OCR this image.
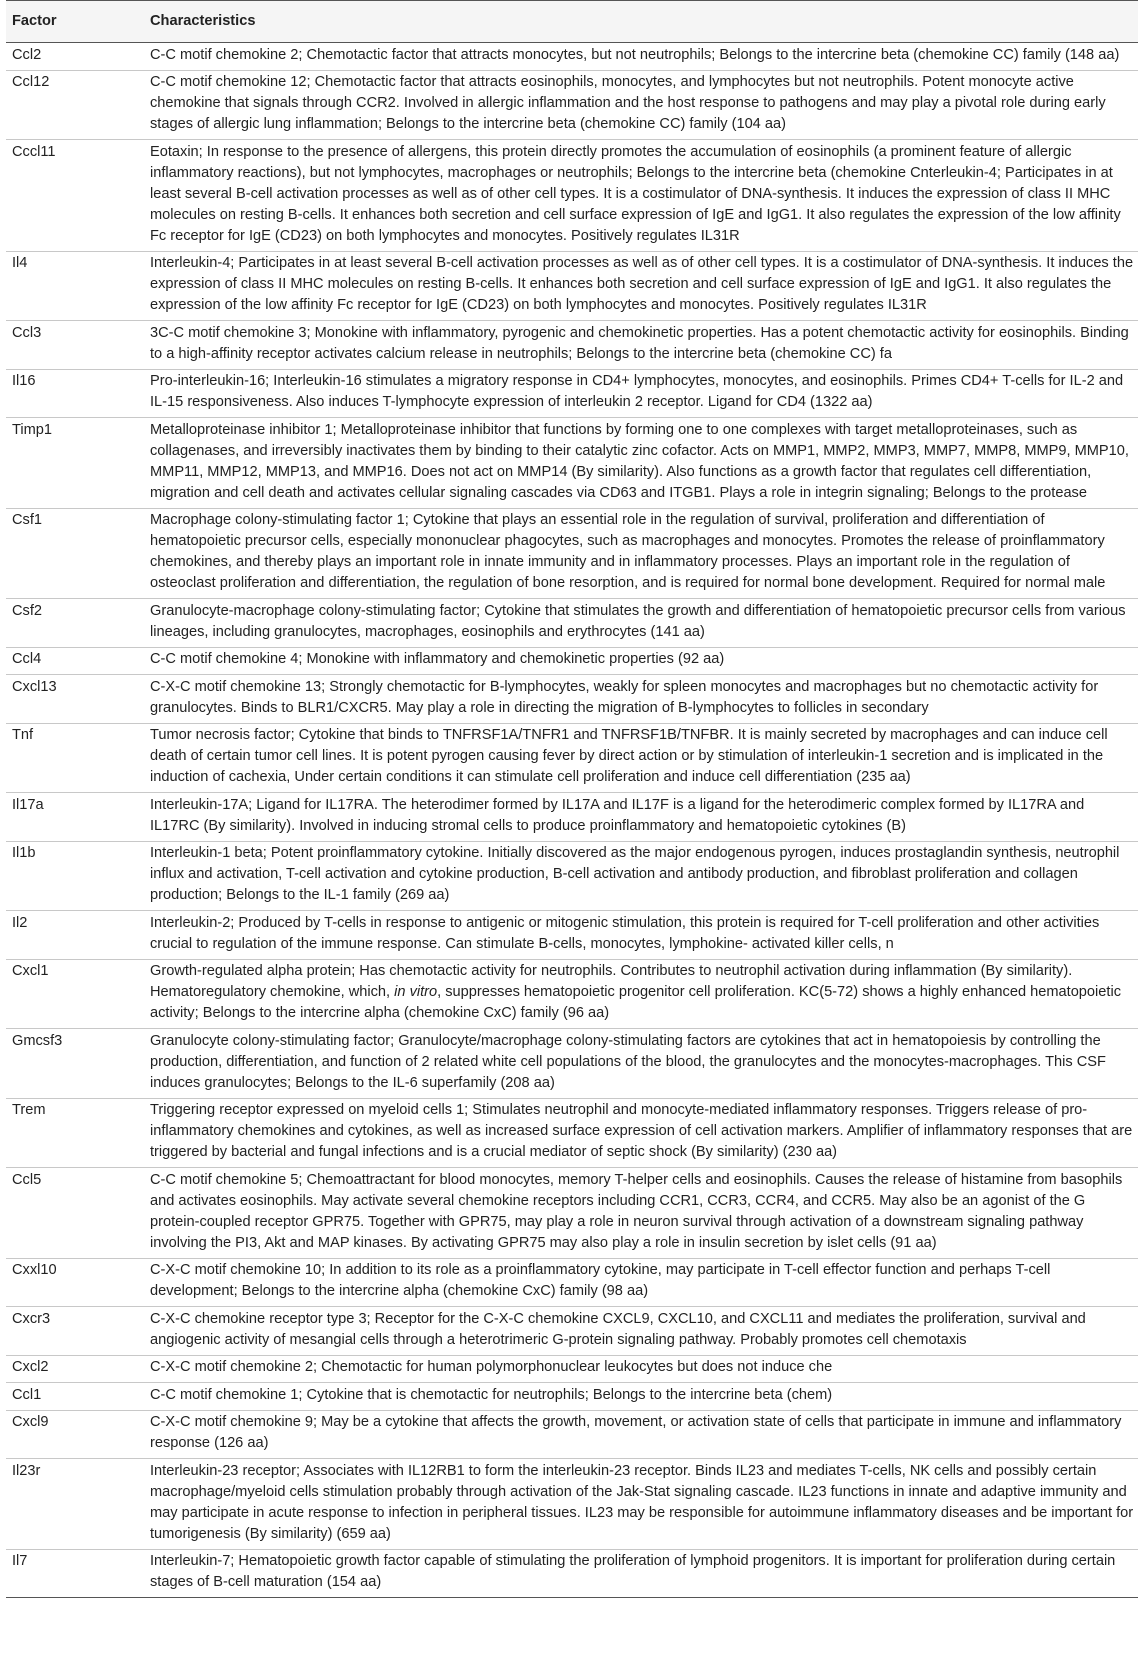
Factor	Characteristics
Ccl2	C-C motif chemokine 2; Chemotactic factor that attracts monocytes, but not neutrophils; Belongs to the intercrine beta (chemokine CC) family (148 aa)
Ccl12	C-C motif chemokine 12; Chemotactic factor that attracts eosinophils, monocytes, and lymphocytes but not neutrophils. Potent monocyte active chemokine that signals through CCR2. Involved in allergic inflammation and the host response to pathogens and may play a pivotal role during early stages of allergic lung inflammation; Belongs to the intercrine beta (chemokine CC) family (104 aa)
Cccl11	Eotaxin; In response to the presence of allergens, this protein directly promotes the accumulation of eosinophils (a prominent feature of allergic inflammatory reactions), but not lymphocytes, macrophages or neutrophils; Belongs to the intercrine beta (chemokine Cnterleukin-4; Participates in at least several B-cell activation processes as well as of other cell types. It is a costimulator of DNA-synthesis. It induces the expression of class II MHC molecules on resting B-cells. It enhances both secretion and cell surface expression of IgE and IgG1. It also regulates the expression of the low affinity Fc receptor for IgE (CD23) on both lymphocytes and monocytes. Positively regulates IL31R
Il4	Interleukin-4; Participates in at least several B-cell activation processes as well as of other cell types. It is a costimulator of DNA-synthesis. It induces the expression of class II MHC molecules on resting B-cells. It enhances both secretion and cell surface expression of IgE and IgG1. It also regulates the expression of the low affinity Fc receptor for IgE (CD23) on both lymphocytes and monocytes. Positively regulates IL31R
Ccl3	3C-C motif chemokine 3; Monokine with inflammatory, pyrogenic and chemokinetic properties. Has a potent chemotactic activity for eosinophils. Binding to a high-affinity receptor activates calcium release in neutrophils; Belongs to the intercrine beta (chemokine CC) fa
Il16	Pro-interleukin-16; Interleukin-16 stimulates a migratory response in CD4+ lymphocytes, monocytes, and eosinophils. Primes CD4+ T-cells for IL-2 and IL-15 responsiveness. Also induces T-lymphocyte expression of interleukin 2 receptor. Ligand for CD4 (1322 aa)
Timp1	Metalloproteinase inhibitor 1; Metalloproteinase inhibitor that functions by forming one to one complexes with target metalloproteinases, such as collagenases, and irreversibly inactivates them by binding to their catalytic zinc cofactor. Acts on MMP1, MMP2, MMP3, MMP7, MMP8, MMP9, MMP10, MMP11, MMP12, MMP13, and MMP16. Does not act on MMP14 (By similarity). Also functions as a growth factor that regulates cell differentiation, migration and cell death and activates cellular signaling cascades via CD63 and ITGB1. Plays a role in integrin signaling; Belongs to the protease
Csf1	Macrophage colony-stimulating factor 1; Cytokine that plays an essential role in the regulation of survival, proliferation and differentiation of hematopoietic precursor cells, especially mononuclear phagocytes, such as macrophages and monocytes. Promotes the release of proinflammatory chemokines, and thereby plays an important role in innate immunity and in inflammatory processes. Plays an important role in the regulation of osteoclast proliferation and differentiation, the regulation of bone resorption, and is required for normal bone development. Required for normal male
Csf2	Granulocyte-macrophage colony-stimulating factor; Cytokine that stimulates the growth and differentiation of hematopoietic precursor cells from various lineages, including granulocytes, macrophages, eosinophils and erythrocytes (141 aa)
Ccl4	C-C motif chemokine 4; Monokine with inflammatory and chemokinetic properties (92 aa)
Cxcl13	C-X-C motif chemokine 13; Strongly chemotactic for B-lymphocytes, weakly for spleen monocytes and macrophages but no chemotactic activity for granulocytes. Binds to BLR1/CXCR5. May play a role in directing the migration of B-lymphocytes to follicles in secondary
Tnf	Tumor necrosis factor; Cytokine that binds to TNFRSF1A/TNFR1 and TNFRSF1B/TNFBR. It is mainly secreted by macrophages and can induce cell death of certain tumor cell lines. It is potent pyrogen causing fever by direct action or by stimulation of interleukin-1 secretion and is implicated in the induction of cachexia, Under certain conditions it can stimulate cell proliferation and induce cell differentiation (235 aa)
Il17a	Interleukin-17A; Ligand for IL17RA. The heterodimer formed by IL17A and IL17F is a ligand for the heterodimeric complex formed by IL17RA and IL17RC (By similarity). Involved in inducing stromal cells to produce proinflammatory and hematopoietic cytokines (B)
Il1b	Interleukin-1 beta; Potent proinflammatory cytokine. Initially discovered as the major endogenous pyrogen, induces prostaglandin synthesis, neutrophil influx and activation, T-cell activation and cytokine production, B-cell activation and antibody production, and fibroblast proliferation and collagen production; Belongs to the IL-1 family (269 aa)
Il2	Interleukin-2; Produced by T-cells in response to antigenic or mitogenic stimulation, this protein is required for T-cell proliferation and other activities crucial to regulation of the immune response. Can stimulate B-cells, monocytes, lymphokine- activated killer cells, n
Cxcl1	Growth-regulated alpha protein; Has chemotactic activity for neutrophils. Contributes to neutrophil activation during inflammation (By similarity). Hematoregulatory chemokine, which, in vitro, suppresses hematopoietic progenitor cell proliferation. KC(5-72) shows a highly enhanced hematopoietic activity; Belongs to the intercrine alpha (chemokine CxC) family (96 aa)
Gmcsf3	Granulocyte colony-stimulating factor; Granulocyte/macrophage colony-stimulating factors are cytokines that act in hematopoiesis by controlling the production, differentiation, and function of 2 related white cell populations of the blood, the granulocytes and the monocytes-macrophages. This CSF induces granulocytes; Belongs to the IL-6 superfamily (208 aa)
Trem	Triggering receptor expressed on myeloid cells 1; Stimulates neutrophil and monocyte-mediated inflammatory responses. Triggers release of pro-inflammatory chemokines and cytokines, as well as increased surface expression of cell activation markers. Amplifier of inflammatory responses that are triggered by bacterial and fungal infections and is a crucial mediator of septic shock (By similarity) (230 aa)
Ccl5	C-C motif chemokine 5; Chemoattractant for blood monocytes, memory T-helper cells and eosinophils. Causes the release of histamine from basophils and activates eosinophils. May activate several chemokine receptors including CCR1, CCR3, CCR4, and CCR5. May also be an agonist of the G protein-coupled receptor GPR75. Together with GPR75, may play a role in neuron survival through activation of a downstream signaling pathway involving the PI3, Akt and MAP kinases. By activating GPR75 may also play a role in insulin secretion by islet cells (91 aa)
Cxxl10	C-X-C motif chemokine 10; In addition to its role as a proinflammatory cytokine, may participate in T-cell effector function and perhaps T-cell development; Belongs to the intercrine alpha (chemokine CxC) family (98 aa)
Cxcr3	C-X-C chemokine receptor type 3; Receptor for the C-X-C chemokine CXCL9, CXCL10, and CXCL11 and mediates the proliferation, survival and angiogenic activity of mesangial cells through a heterotrimeric G-protein signaling pathway. Probably promotes cell chemotaxis
Cxcl2	C-X-C motif chemokine 2; Chemotactic for human polymorphonuclear leukocytes but does not induce che
Ccl1	C-C motif chemokine 1; Cytokine that is chemotactic for neutrophils; Belongs to the intercrine beta (chem)
Cxcl9	C-X-C motif chemokine 9; May be a cytokine that affects the growth, movement, or activation state of cells that participate in immune and inflammatory response (126 aa)
Il23r	Interleukin-23 receptor; Associates with IL12RB1 to form the interleukin-23 receptor. Binds IL23 and mediates T-cells, NK cells and possibly certain macrophage/myeloid cells stimulation probably through activation of the Jak-Stat signaling cascade. IL23 functions in innate and adaptive immunity and may participate in acute response to infection in peripheral tissues. IL23 may be responsible for autoimmune inflammatory diseases and be important for tumorigenesis (By similarity) (659 aa)
Il7	Interleukin-7; Hematopoietic growth factor capable of stimulating the proliferation of lymphoid progenitors. It is important for proliferation during certain stages of B-cell maturation (154 aa)
